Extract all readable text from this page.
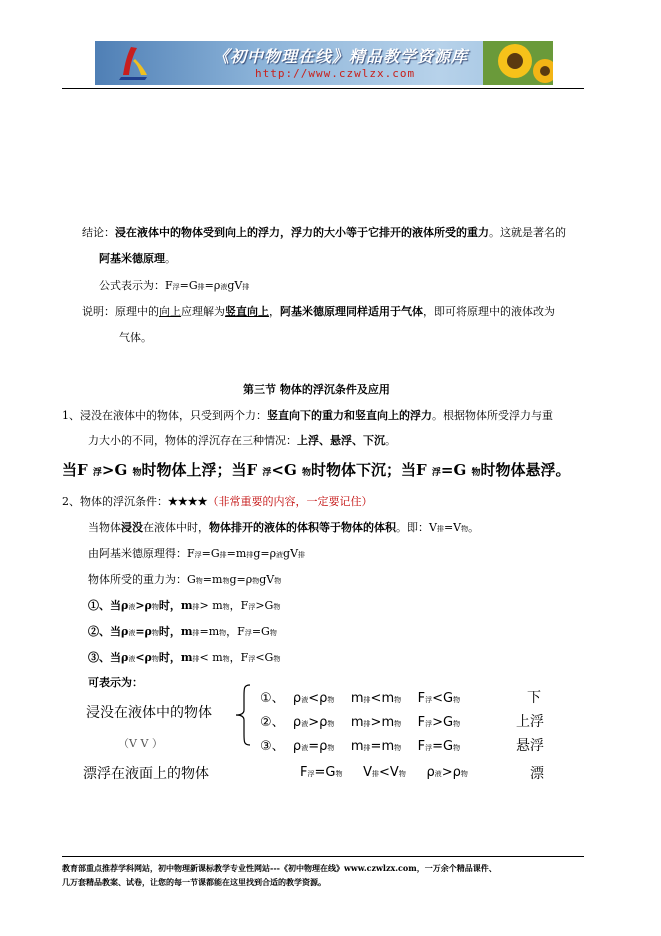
《初中物理在线》精品教学资源库
http://www.czwlzx.com
结论：浸在液体中的物体受到向上的浮力，浮力的大小等于它排开的液体所受的重力。这就是著名的
阿基米德原理。
公式表示为：F浮=G排=ρ液gV排
说明：原理中的向上应理解为竖直向上，阿基米德原理同样适用于气体，即可将原理中的液体改为
气体。
第三节 物体的浮沉条件及应用
1、浸没在液体中的物体，只受到两个力：竖直向下的重力和竖直向上的浮力。根据物体所受浮力与重
力大小的不同，物体的浮沉存在三种情况：上浮、悬浮、下沉。
当F 浮>G 物时物体上浮；当F 浮<G 物时物体下沉；当F 浮=G 物时物体悬浮。
2、物体的浮沉条件：★★★★（非常重要的内容，一定要记住）
当物体浸没在液体中时，物体排开的液体的体积等于物体的体积。即：V排=V物。
由阿基米德原理得：F浮=G排=m排g=ρ液gV排
物体所受的重力为：G物=m物g=ρ物gV物
①、当ρ液>ρ物时，m排> m物，F浮>G物
②、当ρ液=ρ物时，m排=m物，F浮=G物
③、当ρ液<ρ物时，m排< m物，F浮<G物
可表示为：
浸没在液体中的物体
（V V ）
①、 ρ液<ρ物 m排<m物 F浮<G物	下
②、 ρ液>ρ物 m排>m物 F浮>G物	上浮
③、 ρ液=ρ物 m排=m物 F浮=G物	悬浮
漂浮在液面上的物体	F浮=G物 V排<V物 ρ液>ρ物	漂
教育部重点推荐学科网站，初中物理新课标教学专业性网站---《初中物理在线》www.czwlzx.com，一万余个精品课件、
几万套精品教案、试卷，让您的每一节课都能在这里找到合适的教学资源。
